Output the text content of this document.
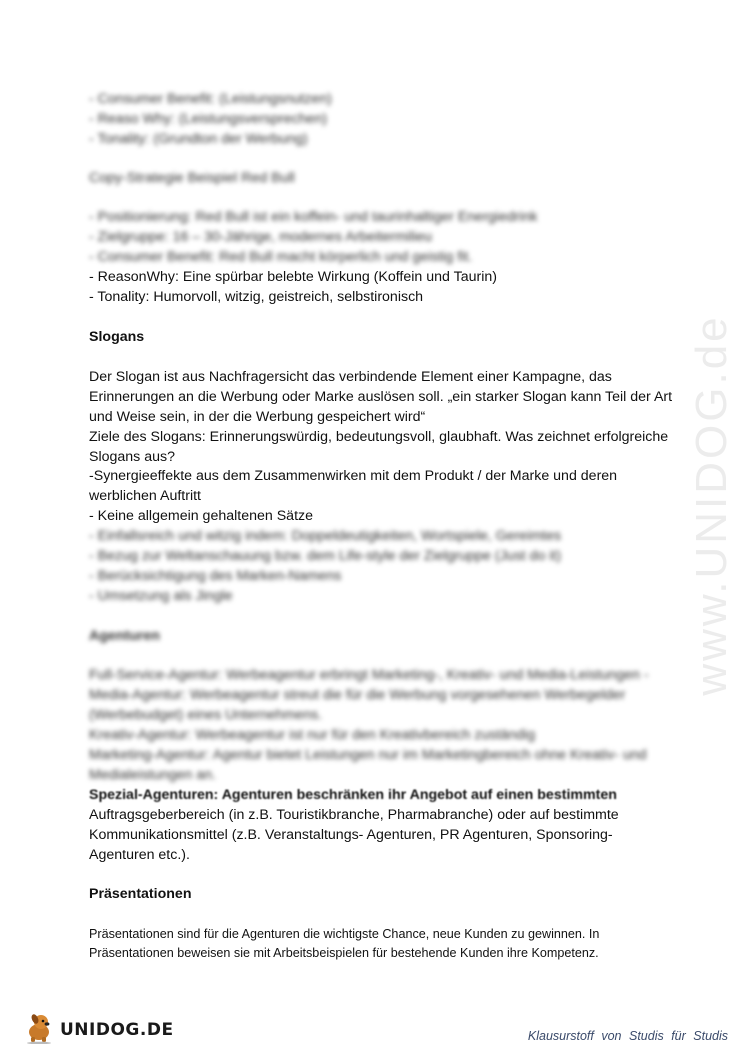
www.UNIDOG.de
- Consumer Benefit: (Leistungsnutzen)
- Reaso Why: (Leistungsversprechen)
- Tonality: (Grundton der Werbung)
Copy-Strategie Beispiel Red Bull
- Positionierung: Red Bull ist ein koffein- und taurinhaltiger Energiedrink
- Zielgruppe: 16 – 30-Jährige, modernes Arbeitermilieu
- Consumer Benefit: Red Bull macht körperlich und geistig fit.
- ReasonWhy: Eine spürbar belebte Wirkung (Koffein und Taurin)
- Tonality: Humorvoll, witzig, geistreich, selbstironisch
Slogans
Der Slogan ist aus Nachfragersicht das verbindende Element einer Kampagne, das
Erinnerungen an die Werbung oder Marke auslösen soll. „ein starker Slogan kann Teil der Art
und Weise sein, in der die Werbung gespeichert wird“
Ziele des Slogans: Erinnerungswürdig, bedeutungsvoll, glaubhaft. Was zeichnet erfolgreiche
Slogans aus?
-Synergieeffekte aus dem Zusammenwirken mit dem Produkt / der Marke und deren
werblichen Auftritt
- Keine allgemein gehaltenen Sätze
- Einfallsreich und witzig indem: Doppeldeutigkeiten, Wortspiele, Gereimtes
- Bezug zur Weltanschauung bzw. dem Life-style der Zielgruppe (Just do it)
- Berücksichtigung des Marken-Namens
- Umsetzung als Jingle
Agenturen
Full-Service-Agentur: Werbeagentur erbringt Marketing-, Kreativ- und Media-Leistungen -
Media-Agentur: Werbeagentur streut die für die Werbung vorgesehenen Werbegelder
(Werbebudget) eines Unternehmens.
Kreativ-Agentur: Werbeagentur ist nur für den Kreativbereich zuständig
Marketing-Agentur: Agentur bietet Leistungen nur im Marketingbereich ohne Kreativ- und
Medialeistungen an.
Spezial-Agenturen: Agenturen beschränken ihr Angebot auf einen bestimmten
Auftragsgeberbereich (in z.B. Touristikbranche, Pharmabranche) oder auf bestimmte
Kommunikationsmittel (z.B. Veranstaltungs- Agenturen, PR Agenturen, Sponsoring-
Agenturen etc.).
Präsentationen
Präsentationen sind für die Agenturen die wichtigste Chance, neue Kunden zu gewinnen. In
Präsentationen beweisen sie mit Arbeitsbeispielen für bestehende Kunden ihre Kompetenz.
UNIDOG.DE	Klausurstoff von Studis für Studis
